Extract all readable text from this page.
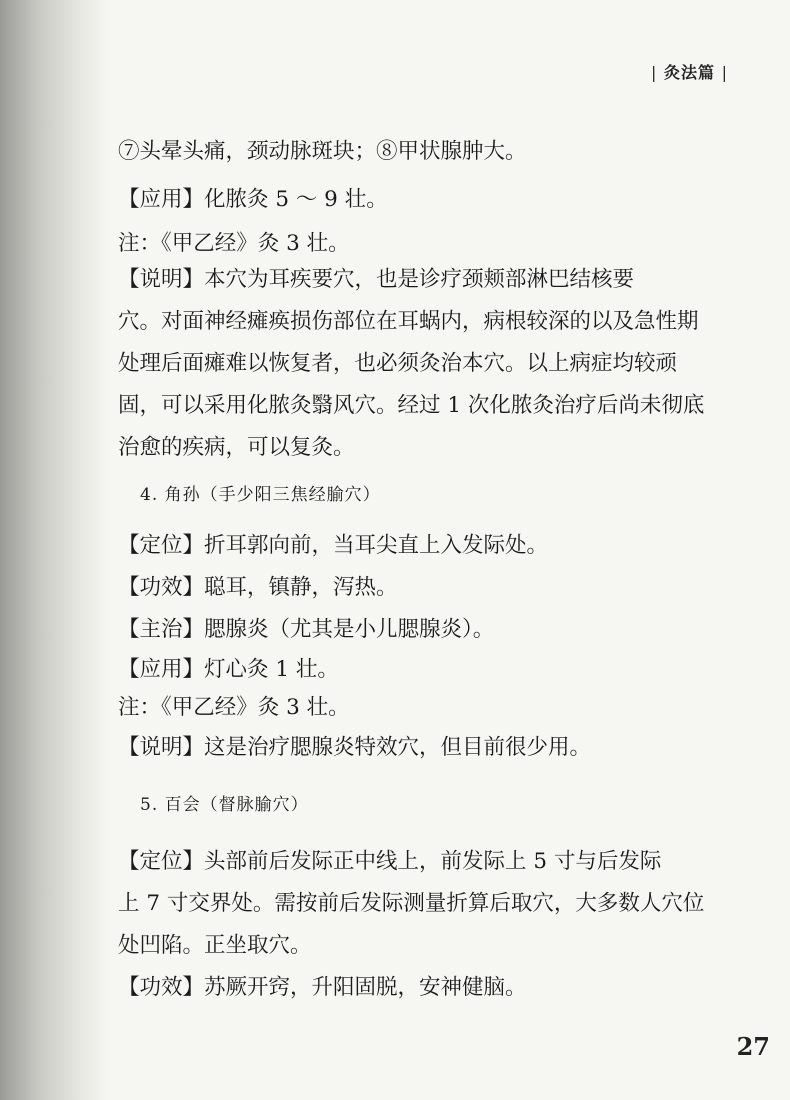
| 灸法篇 |
⑦头晕头痛，颈动脉斑块；⑧甲状腺肿大。
【应用】化脓灸 5 ～ 9 壮。
注：《甲乙经》灸 3 壮。
【说明】本穴为耳疾要穴，也是诊疗颈颊部淋巴结核要
穴。对面神经瘫痪损伤部位在耳蜗内，病根较深的以及急性期
处理后面瘫难以恢复者，也必须灸治本穴。以上病症均较顽
固，可以采用化脓灸翳风穴。经过 1 次化脓灸治疗后尚未彻底
治愈的疾病，可以复灸。
4. 角孙（手少阳三焦经腧穴）
【定位】折耳郭向前，当耳尖直上入发际处。
【功效】聪耳，镇静，泻热。
【主治】腮腺炎（尤其是小儿腮腺炎）。
【应用】灯心灸 1 壮。
注：《甲乙经》灸 3 壮。
【说明】这是治疗腮腺炎特效穴，但目前很少用。
5. 百会（督脉腧穴）
【定位】头部前后发际正中线上，前发际上 5 寸与后发际
上 7 寸交界处。需按前后发际测量折算后取穴，大多数人穴位
处凹陷。正坐取穴。
【功效】苏厥开窍，升阳固脱，安神健脑。
27
